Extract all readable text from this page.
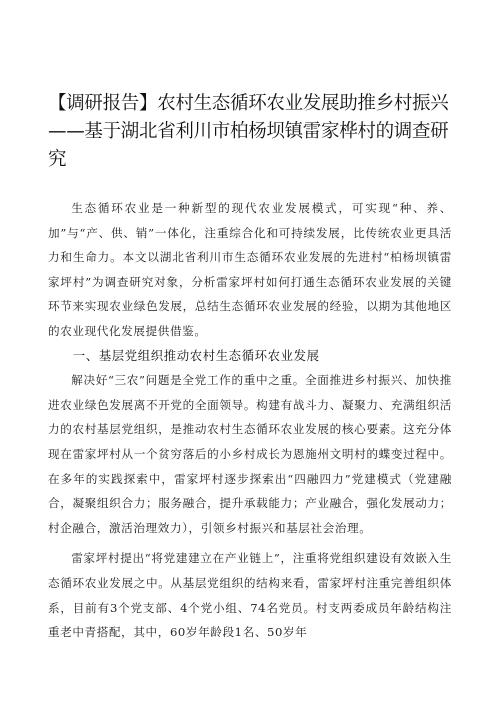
【调研报告】农村生态循环农业发展助推乡村振兴
——基于湖北省利川市柏杨坝镇雷家桦村的调查研
究

生态循环农业是一种新型的现代农业发展模式，可实现“种、养、加”与“产、供、销”一体化，注重综合化和可持续发展，比传统农业更具活力和生命力。本文以湖北省利川市生态循环农业发展的先进村“柏杨坝镇雷家坪村”为调查研究对象，分析雷家坪村如何打通生态循环农业发展的关键环节来实现农业绿色发展，总结生态循环农业发展的经验，以期为其他地区的农业现代化发展提供借鉴。

一、基层党组织推动农村生态循环农业发展

解决好“三农”问题是全党工作的重中之重。全面推进乡村振兴、加快推进农业绿色发展离不开党的全面领导。构建有战斗力、凝聚力、充满组织活力的农村基层党组织，是推动农村生态循环农业发展的核心要素。这充分体现在雷家坪村从一个贫穷落后的小乡村成长为恩施州文明村的蝶变过程中。在多年的实践探索中，雷家坪村逐步探索出“四融四力”党建模式（党建融合，凝聚组织合力；服务融合，提升承载能力；产业融合，强化发展动力；村企融合，激活治理效力），引领乡村振兴和基层社会治理。

雷家坪村提出“将党建建立在产业链上”，注重将党组织建设有效嵌入生态循环农业发展之中。从基层党组织的结构来看，雷家坪村注重完善组织体系，目前有3个党支部、4个党小组、74名党员。村支两委成员年龄结构注重老中青搭配，其中，60岁年龄段1名、50岁年
